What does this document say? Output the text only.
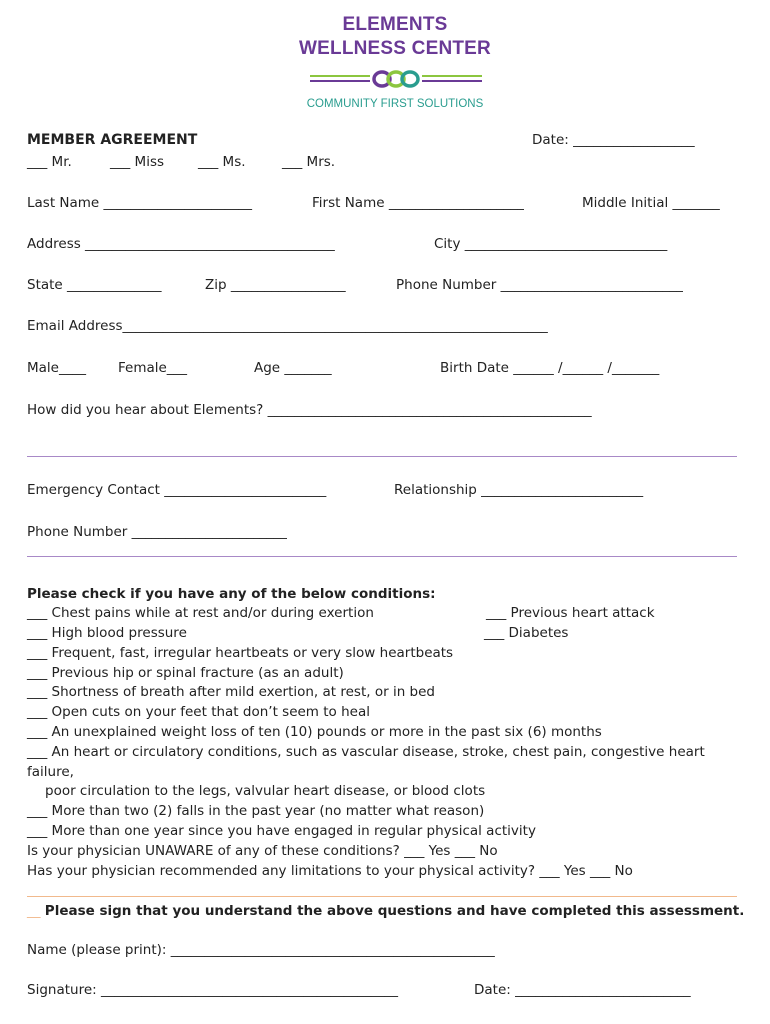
ELEMENTS
WELLNESS CENTER
COMMUNITY FIRST SOLUTIONS
MEMBER AGREEMENT	Date: __________________
___ Mr.	___ Miss	___ Ms.	___ Mrs.
Last Name ______________________	First Name ____________________	Middle Initial _______
Address _____________________________________	City ______________________________
State ______________	Zip _________________	Phone Number ___________________________
Email Address_______________________________________________________________
Male____ Female___	Age _______	Birth Date ______ /______ /_______
How did you hear about Elements? ________________________________________________
Emergency Contact ________________________	Relationship ________________________
Phone Number _______________________
Please check if you have any of the below conditions:
___ Chest pains while at rest and/or during exertion	___ Previous heart attack
___ High blood pressure	___ Diabetes
___ Frequent, fast, irregular heartbeats or very slow heartbeats
___ Previous hip or spinal fracture (as an adult)
___ Shortness of breath after mild exertion, at rest, or in bed
___ Open cuts on your feet that don’t seem to heal
___ An unexplained weight loss of ten (10) pounds or more in the past six (6) months
___ An heart or circulatory conditions, such as vascular disease, stroke, chest pain, congestive heart
failure,
poor circulation to the legs, valvular heart disease, or blood clots
___ More than two (2) falls in the past year (no matter what reason)
___ More than one year since you have engaged in regular physical activity
Is your physician UNAWARE of any of these conditions? ___ Yes ___ No
Has your physician recommended any limitations to your physical activity? ___ Yes ___ No
__ Please sign that you understand the above questions and have completed this assessment.
Name (please print): ________________________________________________
Signature: ____________________________________________	Date: __________________________
